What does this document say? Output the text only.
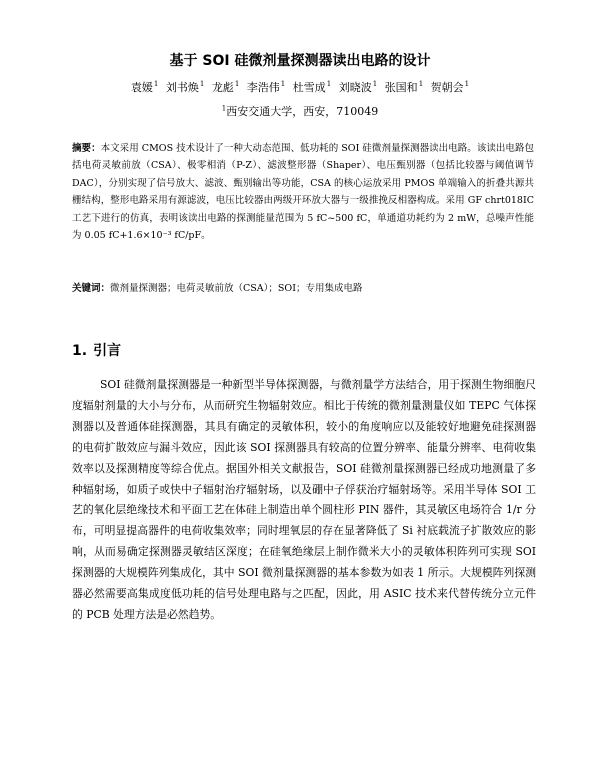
基于 SOI 硅微剂量探测器读出电路的设计
袁媛$^1$ 刘书焕$^1$ 龙彪$^1$ 李浩伟$^1$ 杜雪成$^1$ 刘晓波$^1$ 张国和$^1$ 贺朝会$^1$
$^1$西安交通大学，西安，710049
摘要：本文采用 CMOS 技术设计了一种大动态范围、低功耗的 SOI 硅微剂量探测器读出电路。该读出电路包括电荷灵敏前放（CSA）、极零相消（P-Z）、滤波整形器（Shaper）、电压甄别器（包括比较器与阈值调节 DAC），分别实现了信号放大、滤波、甄别输出等功能，CSA 的核心运放采用 PMOS 单端输入的折叠共源共栅结构，整形电路采用有源滤波，电压比较器由两级开环放大器与一级推挽反相器构成。采用 GF chrt018IC 工艺下进行的仿真，表明该读出电路的探测能量范围为 5 fC~500 fC，单通道功耗约为 2 mW，总噪声性能为 0.05 fC+1.6×10⁻³ fC/pF。
关键词：微剂量探测器；电荷灵敏前放（CSA）；SOI；专用集成电路
1. 引言

SOI 硅微剂量探测器是一种新型半导体探测器，与微剂量学方法结合，用于探测生物细胞尺度辐射剂量的大小与分布，从而研究生物辐射效应。相比于传统的微剂量测量仪如 TEPC 气体探测器以及普通体硅探测器，其具有确定的灵敏体积，较小的角度响应以及能较好地避免硅探测器的电荷扩散效应与漏斗效应，因此该 SOI 探测器具有较高的位置分辨率、能量分辨率、电荷收集效率以及探测精度等综合优点。据国外相关文献报告，SOI 硅微剂量探测器已经成功地测量了多种辐射场，如质子或快中子辐射治疗辐射场，以及硼中子俘获治疗辐射场等。采用半导体 SOI 工艺的氧化层绝缘技术和平面工艺在体硅上制造出单个圆柱形 PIN 器件，其灵敏区电场符合 1/r 分布，可明显提高器件的电荷收集效率；同时埋氧层的存在显著降低了 Si 衬底载流子扩散效应的影响，从而易确定探测器灵敏结区深度；在硅氧绝缘层上制作微米大小的灵敏体积阵列可实现 SOI 探测器的大规模阵列集成化，其中 SOI 微剂量探测器的基本参数为如表 1 所示。大规模阵列探测器必然需要高集成度低功耗的信号处理电路与之匹配，因此，用 ASIC 技术来代替传统分立元件的 PCB 处理方法是必然趋势。
